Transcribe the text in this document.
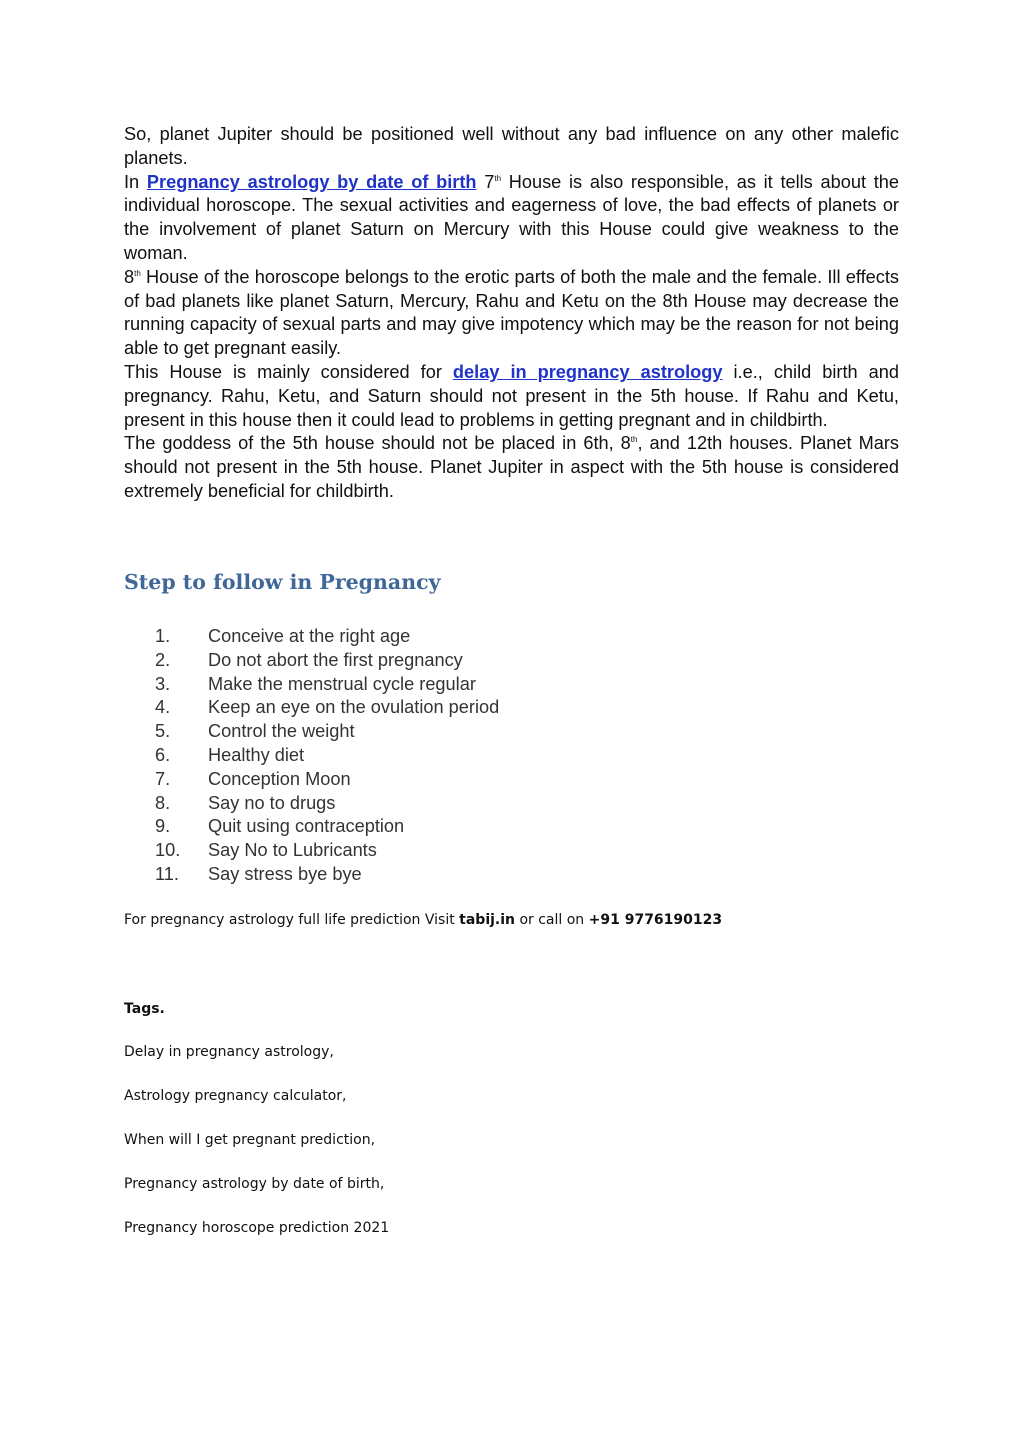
So, planet Jupiter should be positioned well without any bad influence on any other malefic planets.

In Pregnancy astrology by date of birth 7th House is also responsible, as it tells about the individual horoscope. The sexual activities and eagerness of love, the bad effects of planets or the involvement of planet Saturn on Mercury with this House could give weakness to the woman.

8th House of the horoscope belongs to the erotic parts of both the male and the female. Ill effects of bad planets like planet Saturn, Mercury, Rahu and Ketu on the 8th House may decrease the running capacity of sexual parts and may give impotency which may be the reason for not being able to get pregnant easily.

This House is mainly considered for delay in pregnancy astrology i.e., child birth and pregnancy. Rahu, Ketu, and Saturn should not present in the 5th house. If Rahu and Ketu, present in this house then it could lead to problems in getting pregnant and in childbirth.

The goddess of the 5th house should not be placed in 6th, 8th, and 12th houses. Planet Mars should not present in the 5th house. Planet Jupiter in aspect with the 5th house is considered extremely beneficial for childbirth.

Step to follow in Pregnancy
1.	Conceive at the right age
2.	Do not abort the first pregnancy
3.	Make the menstrual cycle regular
4.	Keep an eye on the ovulation period
5.	Control the weight
6.	Healthy diet
7.	Conception Moon
8.	Say no to drugs
9.	Quit using contraception
10.	Say No to Lubricants
11.	Say stress bye bye
For pregnancy astrology full life prediction Visit tabij.in or call on +91 9776190123
Tags.
Delay in pregnancy astrology,
Astrology pregnancy calculator,
When will I get pregnant prediction,
Pregnancy astrology by date of birth,
Pregnancy horoscope prediction 2021
